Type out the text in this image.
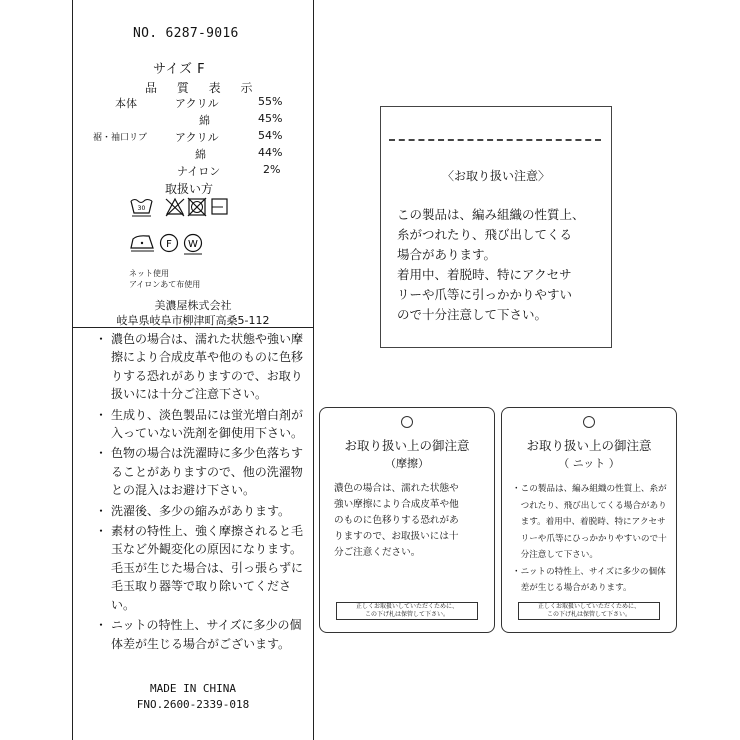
NO. 6287-9016
サイズ F
品 質 表 示
本体	アクリル	55%
綿	45%
裾・袖口リブ	アクリル	54%
綿	44%
ナイロン	2%
取扱い方
30
F W
ネット使用
アイロンあて布使用
美濃屋株式会社
岐阜県岐阜市柳津町高桑5-112
・ 濃色の場合は、濡れた状態や強い摩擦により合成皮革や他のものに色移りする恐れがありますので、お取り扱いには十分ご注意下さい。
・ 生成り、淡色製品には蛍光増白剤が入っていない洗剤を御使用下さい。
・ 色物の場合は洗濯時に多少色落ちすることがありますので、他の洗濯物との混入はお避け下さい。
・ 洗濯後、多少の縮みがあります。
・ 素材の特性上、強く摩擦されると毛玉など外観変化の原因になります。毛玉が生じた場合は、引っ張らずに毛玉取り器等で取り除いてください。
・ ニットの特性上、サイズに多少の個体差が生じる場合がございます。
MADE IN CHINA
FNO.2600-2339-018
〈お取り扱い注意〉

この製品は、編み組織の性質上、

糸がつれたり、飛び出してくる

場合があります。

着用中、着脱時、特にアクセサ

リーや爪等に引っかかりやすい

ので十分注意して下さい。

お取り扱い上の御注意
（摩擦）
濃色の場合は、濡れた状態や
強い摩擦により合成皮革や他
のものに色移りする恐れがあ
りますので、お取扱いには十
分ご注意ください。
正しくお取扱いしていただくために、
この下げ札は保管して下さい。
お取り扱い上の御注意
（ ニット ）

・この製品は、編み組織の性質上、糸が

　つれたり、飛び出してくる場合があり

　ます。着用中、着脱時、特にアクセサ

　リーや爪等にひっかかりやすいので十

　分注意して下さい。

・ニットの特性上、サイズに多少の個体

　差が生じる場合があります。

正しくお取扱いしていただくために、
この下げ札は保管して下さい。
